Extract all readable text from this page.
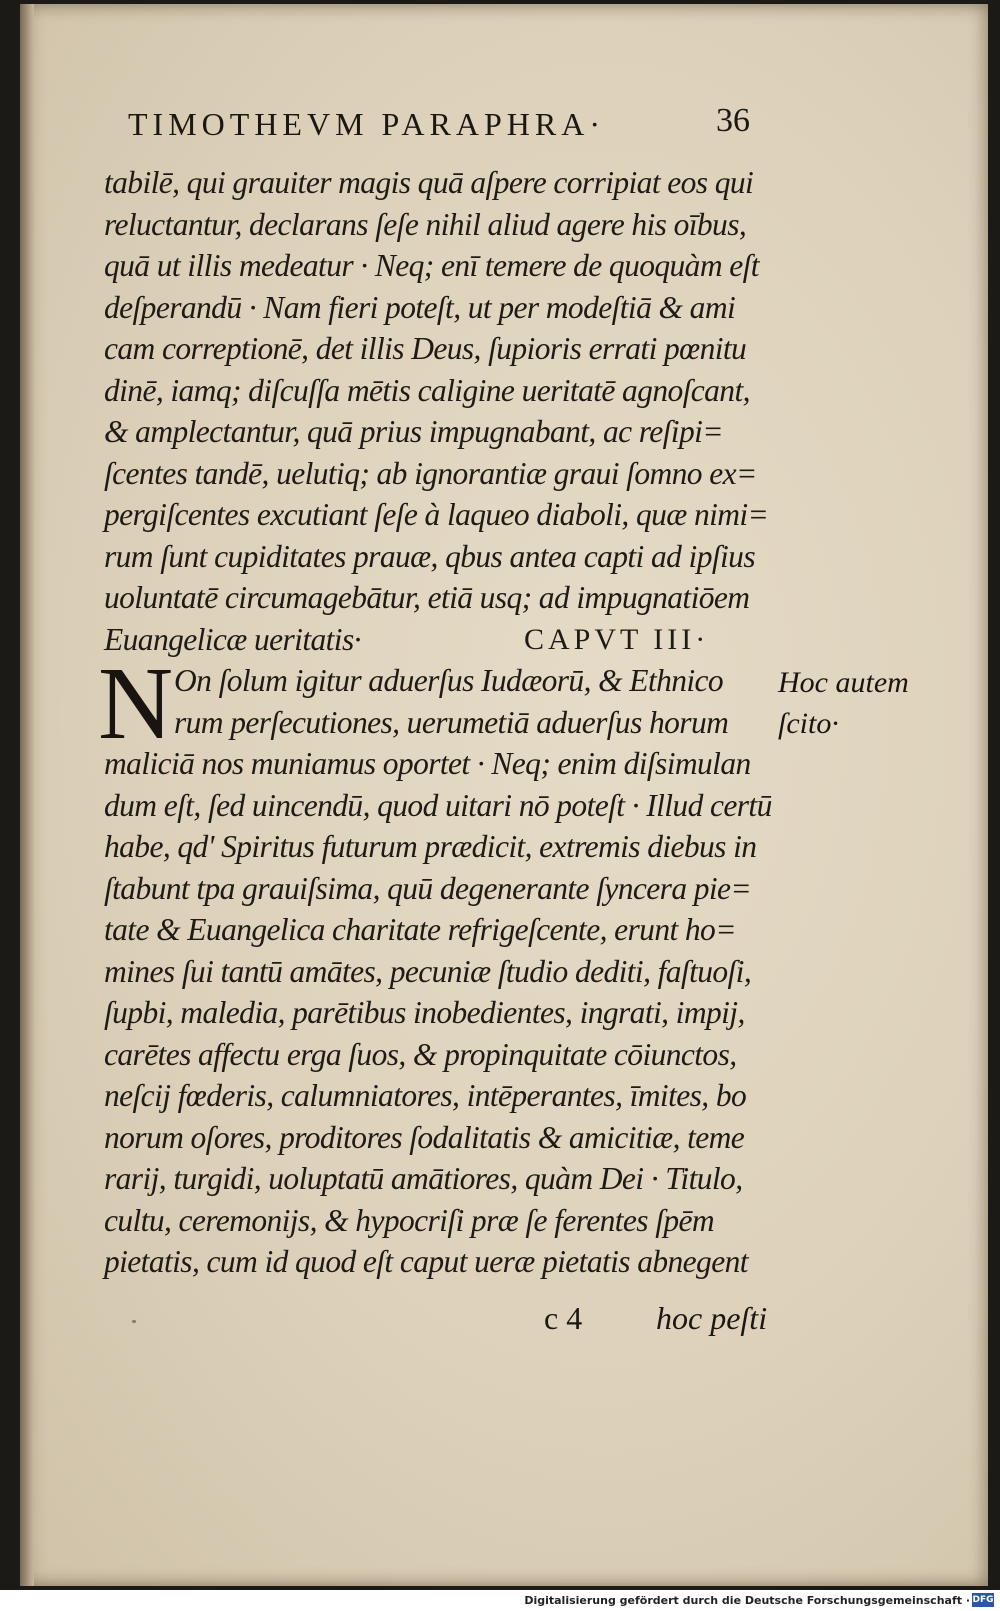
TIMOTHEVM PARAPHRA·	36
tabilē, qui grauiter magis quā aſpere corripiat eos qui
reluctantur, declarans ſeſe nihil aliud agere his oībus,
quā ut illis medeatur · Neq; enī temere de quoquàm eſt
deſperandū · Nam fieri poteſt, ut per modeſtiā & ami
cam correptionē, det illis Deus, ſupioris errati pœnitu
dinē, iamq; diſcuſſa mētis caligine ueritatē agnoſcant,
& amplectantur, quā prius impugnabant, ac reſipi=
ſcentes tandē, uelutiq; ab ignorantiæ graui ſomno ex=
pergiſcentes excutiant ſeſe à laqueo diaboli, quæ nimi=
rum ſunt cupiditates prauæ, qbus antea capti ad ipſius
uoluntatē circumagebātur, etiā usq; ad impugnatiōem
Euangelicæ ueritatis·	CAPVT III·
N On ſolum igitur aduerſus Iudæorū, & Ethnico
rum perſecutiones, uerumetiā aduerſus horum
maliciā nos muniamus oportet · Neq; enim diſsimulan
dum eſt, ſed uincendū, quod uitari nō poteſt · Illud certū
habe, qd' Spiritus futurum prædicit, extremis diebus in
ſtabunt tpa grauiſsima, quū degenerante ſyncera pie=
tate & Euangelica charitate refrigeſcente, erunt ho=
mines ſui tantū amātes, pecuniæ ſtudio dediti, faſtuoſi,
ſupbi, maledia, parētibus inobedientes, ingrati, impij,
carētes affectu erga ſuos, & propinquitate cōiunctos,
neſcij fœderis, calumniatores, intēperantes, īmites, bo
norum oſores, proditores ſodalitatis & amicitiæ, teme
rarij, turgidi, uoluptatū amātiores, quàm Dei · Titulo,
cultu, ceremonijs, & hypocriſi præ ſe ferentes ſpēm
pietatis, cum id quod eſt caput ueræ pietatis abnegent
Hoc autem
ſcito·
c 4 hoc peſti
Digitalisierung gefördert durch die Deutsche Forschungsgemeinschaft · DFG
